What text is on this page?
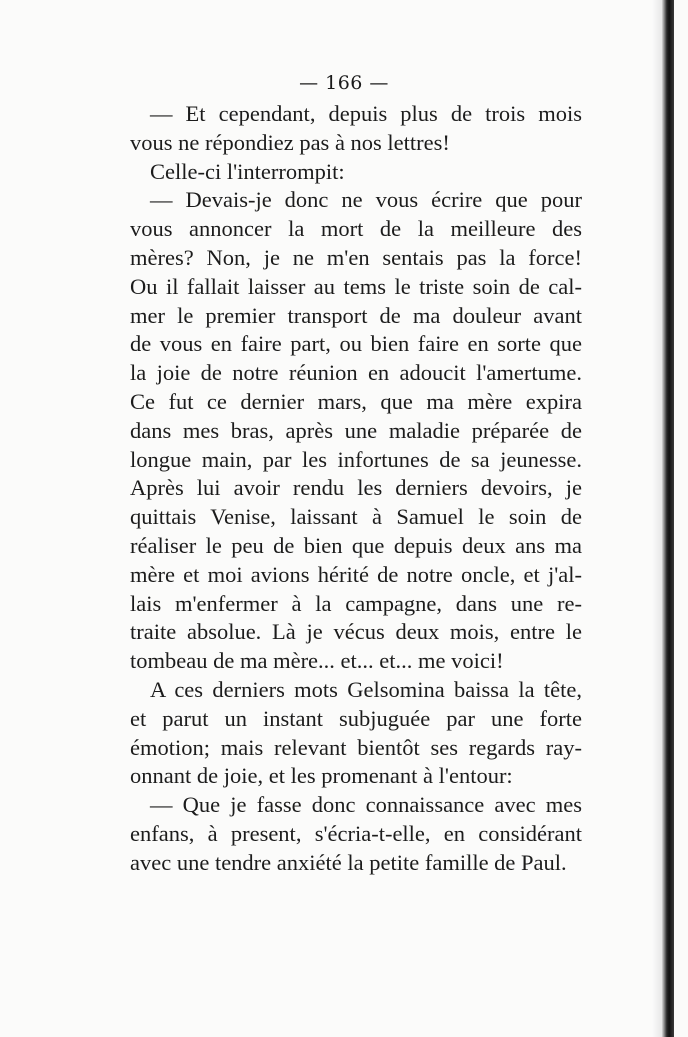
— 166 —
— Et cependant, depuis plus de trois mois
vous ne répondiez pas à nos lettres!
Celle-ci l'interrompit:
— Devais-je donc ne vous écrire que pour
vous annoncer la mort de la meilleure des
mères? Non, je ne m'en sentais pas la force!
Ou il fallait laisser au tems le triste soin de cal-
mer le premier transport de ma douleur avant
de vous en faire part, ou bien faire en sorte que
la joie de notre réunion en adoucit l'amertume.
Ce fut ce dernier mars, que ma mère expira
dans mes bras, après une maladie préparée de
longue main, par les infortunes de sa jeunesse.
Après lui avoir rendu les derniers devoirs, je
quittais Venise, laissant à Samuel le soin de
réaliser le peu de bien que depuis deux ans ma
mère et moi avions hérité de notre oncle, et j'al-
lais m'enfermer à la campagne, dans une re-
traite absolue. Là je vécus deux mois, entre le
tombeau de ma mère... et... et... me voici!
A ces derniers mots Gelsomina baissa la tête,
et parut un instant subjuguée par une forte
émotion; mais relevant bientôt ses regards ray-
onnant de joie, et les promenant à l'entour:
— Que je fasse donc connaissance avec mes
enfans, à present, s'écria-t-elle, en considérant
avec une tendre anxiété la petite famille de Paul.
